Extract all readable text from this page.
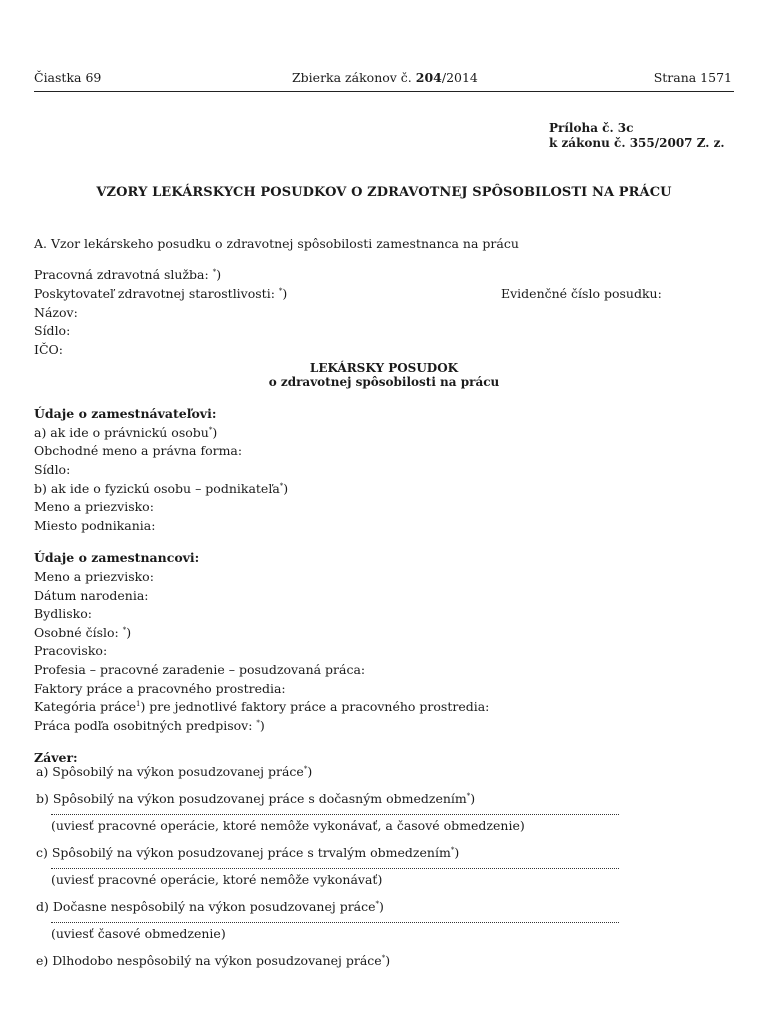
Čiastka 69	Zbierka zákonov č. 204/2014	Strana 1571
Príloha č. 3c
k zákonu č. 355/2007 Z. z.
VZORY LEKÁRSKYCH POSUDKOV O ZDRAVOTNEJ SPÔSOBILOSTI NA PRÁCU
A. Vzor lekárskeho posudku o zdravotnej spôsobilosti zamestnanca na prácu
Pracovná zdravotná služba: *)
Poskytovateľ zdravotnej starostlivosti: *)	Evidenčné číslo posudku:
Názov:
Sídlo:
IČO:
LEKÁRSKY POSUDOK
o zdravotnej spôsobilosti na prácu
Údaje o zamestnávateľovi:
a) ak ide o právnickú osobu*)
Obchodné meno a právna forma:
Sídlo:
b) ak ide o fyzickú osobu – podnikateľa*)
Meno a priezvisko:
Miesto podnikania:
Údaje o zamestnancovi:
Meno a priezvisko:
Dátum narodenia:
Bydlisko:
Osobné číslo: *)
Pracovisko:
Profesia – pracovné zaradenie – posudzovaná práca:
Faktory práce a pracovného prostredia:
Kategória práce$^1$) pre jednotlivé faktory práce a pracovného prostredia:
Práca podľa osobitných predpisov: *)
Záver:
a) Spôsobilý na výkon posudzovanej práce*)
b) Spôsobilý na výkon posudzovanej práce s dočasným obmedzením*)
(uviesť pracovné operácie, ktoré nemôže vykonávať, a časové obmedzenie)
c) Spôsobilý na výkon posudzovanej práce s trvalým obmedzením*)
(uviesť pracovné operácie, ktoré nemôže vykonávať)
d) Dočasne nespôsobilý na výkon posudzovanej práce*)
(uviesť časové obmedzenie)
e) Dlhodobo nespôsobilý na výkon posudzovanej práce*)
